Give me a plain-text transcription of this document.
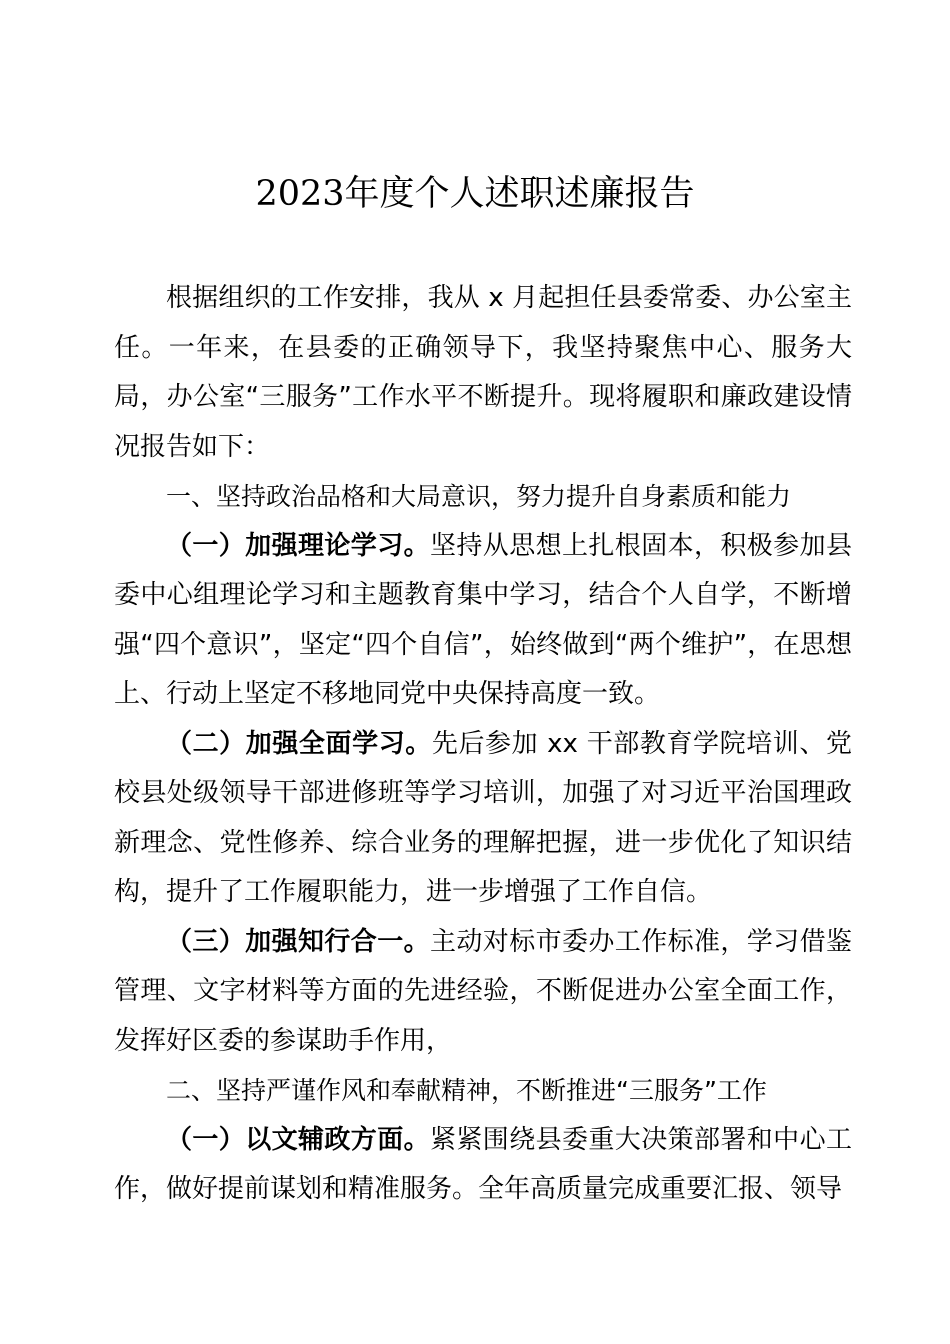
2023年度个人述职述廉报告

根据组织的工作安排，我从 x 月起担任县委常委、办公室主任。一年来，在县委的正确领导下，我坚持聚焦中心、服务大局，办公室“三服务”工作水平不断提升。现将履职和廉政建设情况报告如下：

一、坚持政治品格和大局意识，努力提升自身素质和能力

（一）加强理论学习。坚持从思想上扎根固本，积极参加县委中心组理论学习和主题教育集中学习，结合个人自学，不断增强“四个意识”，坚定“四个自信”，始终做到“两个维护”，在思想上、行动上坚定不移地同党中央保持高度一致。

（二）加强全面学习。先后参加 xx 干部教育学院培训、党校县处级领导干部进修班等学习培训，加强了对习近平治国理政新理念、党性修养、综合业务的理解把握，进一步优化了知识结构，提升了工作履职能力，进一步增强了工作自信。

（三）加强知行合一。主动对标市委办工作标准，学习借鉴管理、文字材料等方面的先进经验，不断促进办公室全面工作，发挥好区委的参谋助手作用，

二、坚持严谨作风和奉献精神，不断推进“三服务”工作

（一）以文辅政方面。紧紧围绕县委重大决策部署和中心工作，做好提前谋划和精准服务。全年高质量完成重要汇报、领导
